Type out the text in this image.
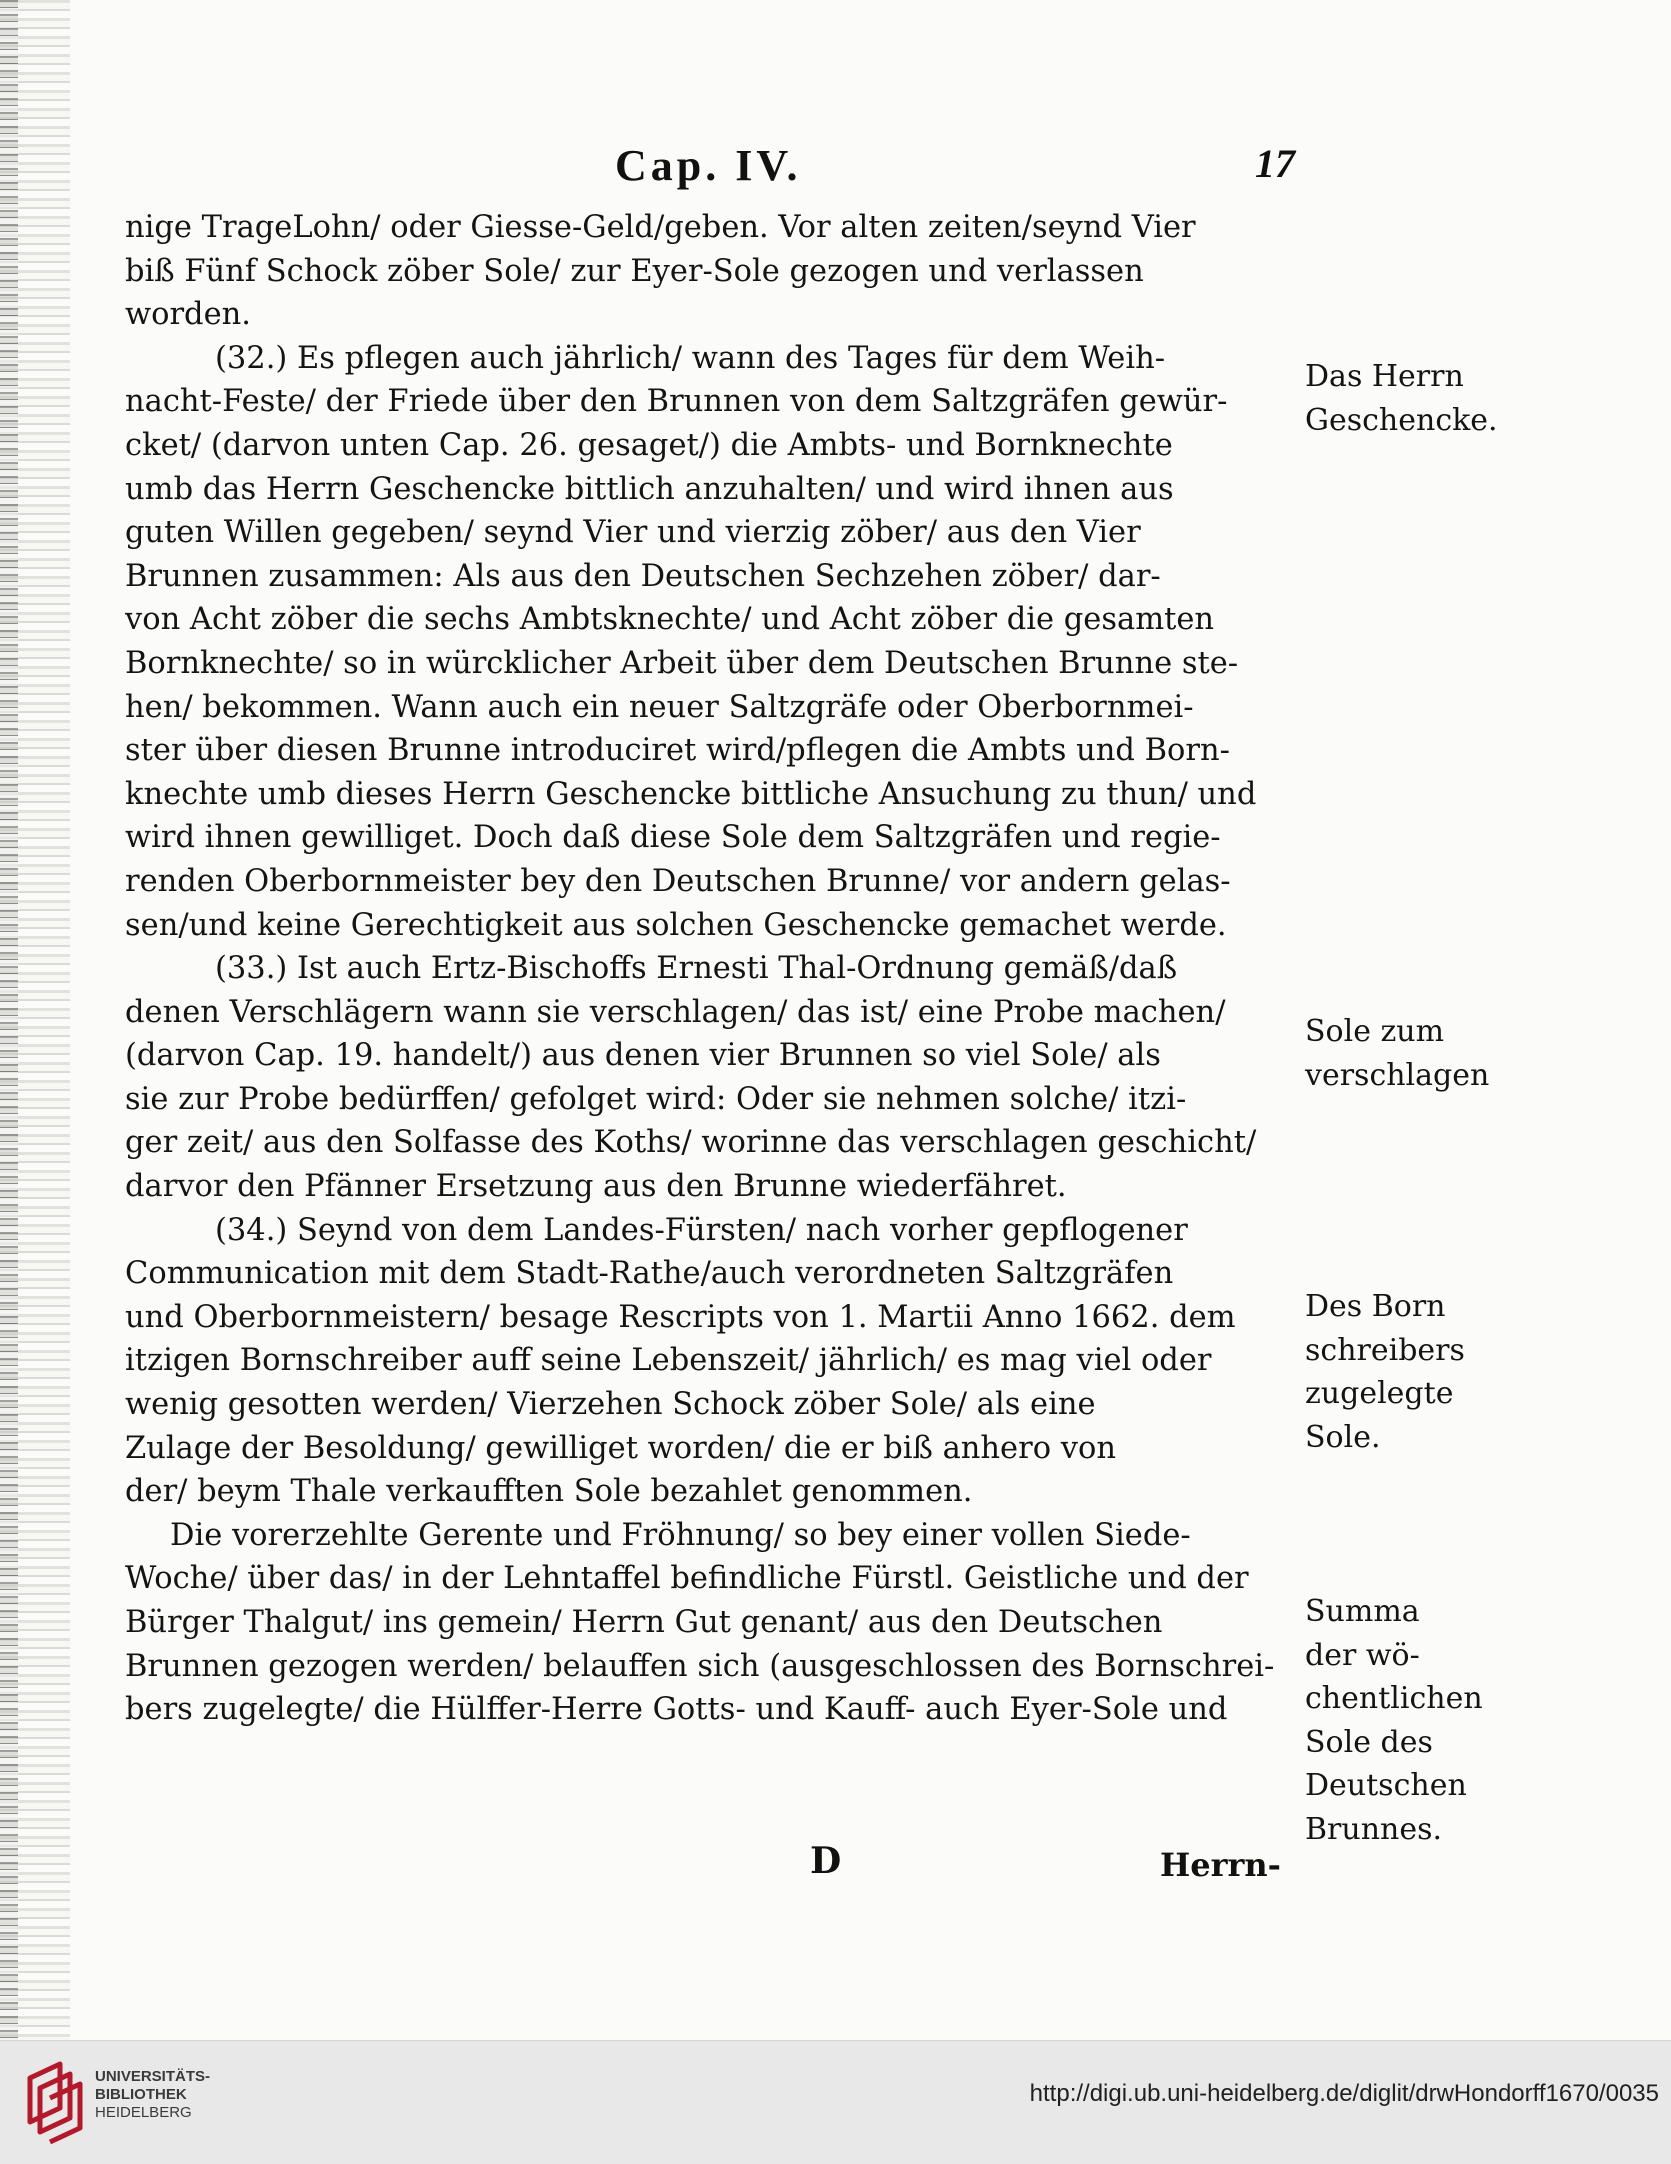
Cap. IV.	17
nige TrageLohn/ oder Giesse-Geld/geben. Vor alten zeiten/seynd Vier
biß Fünf Schock zöber Sole/ zur Eyer-Sole gezogen und verlassen
worden.
(32.) Es pflegen auch jährlich/ wann des Tages für dem Weih-
nacht-Feste/ der Friede über den Brunnen von dem Saltzgräfen gewür-
cket/ (darvon unten Cap. 26. gesaget/) die Ambts- und Bornknechte
umb das Herrn Geschencke bittlich anzuhalten/ und wird ihnen aus
guten Willen gegeben/ seynd Vier und vierzig zöber/ aus den Vier
Brunnen zusammen: Als aus den Deutschen Sechzehen zöber/ dar-
von Acht zöber die sechs Ambtsknechte/ und Acht zöber die gesamten
Bornknechte/ so in würcklicher Arbeit über dem Deutschen Brunne ste-
hen/ bekommen. Wann auch ein neuer Saltzgräfe oder Oberbornmei-
ster über diesen Brunne introduciret wird/pflegen die Ambts und Born-
knechte umb dieses Herrn Geschencke bittliche Ansuchung zu thun/ und
wird ihnen gewilliget. Doch daß diese Sole dem Saltzgräfen und regie-
renden Oberbornmeister bey den Deutschen Brunne/ vor andern gelas-
sen/und keine Gerechtigkeit aus solchen Geschencke gemachet werde.
(33.) Ist auch Ertz-Bischoffs Ernesti Thal-Ordnung gemäß/daß
denen Verschlägern wann sie verschlagen/ das ist/ eine Probe machen/
(darvon Cap. 19. handelt/) aus denen vier Brunnen so viel Sole/ als
sie zur Probe bedürffen/ gefolget wird: Oder sie nehmen solche/ itzi-
ger zeit/ aus den Solfasse des Koths/ worinne das verschlagen geschicht/
darvor den Pfänner Ersetzung aus den Brunne wiederfähret.
(34.) Seynd von dem Landes-Fürsten/ nach vorher gepflogener
Communication mit dem Stadt-Rathe/auch verordneten Saltzgräfen
und Oberbornmeistern/ besage Rescripts von 1. Martii Anno 1662. dem
itzigen Bornschreiber auff seine Lebenszeit/ jährlich/ es mag viel oder
wenig gesotten werden/ Vierzehen Schock zöber Sole/ als eine
Zulage der Besoldung/ gewilliget worden/ die er biß anhero von
der/ beym Thale verkaufften Sole bezahlet genommen.
Die vorerzehlte Gerente und Fröhnung/ so bey einer vollen Siede-
Woche/ über das/ in der Lehntaffel befindliche Fürstl. Geistliche und der
Bürger Thalgut/ ins gemein/ Herrn Gut genant/ aus den Deutschen
Brunnen gezogen werden/ belauffen sich (ausgeschlossen des Bornschrei-
bers zugelegte/ die Hülffer-Herre Gotts- und Kauff- auch Eyer-Sole und
Das Herrn
Geschencke.
Sole zum
verschlagen
Des Born
schreibers
zugelegte
Sole.
Summa
der wö-
chentlichen
Sole des
Deutschen
Brunnes.
D	Herrn-
UNIVERSITÄTS-
BIBLIOTHEK
HEIDELBERG
http://digi.ub.uni-heidelberg.de/diglit/drwHondorff1670/0035
